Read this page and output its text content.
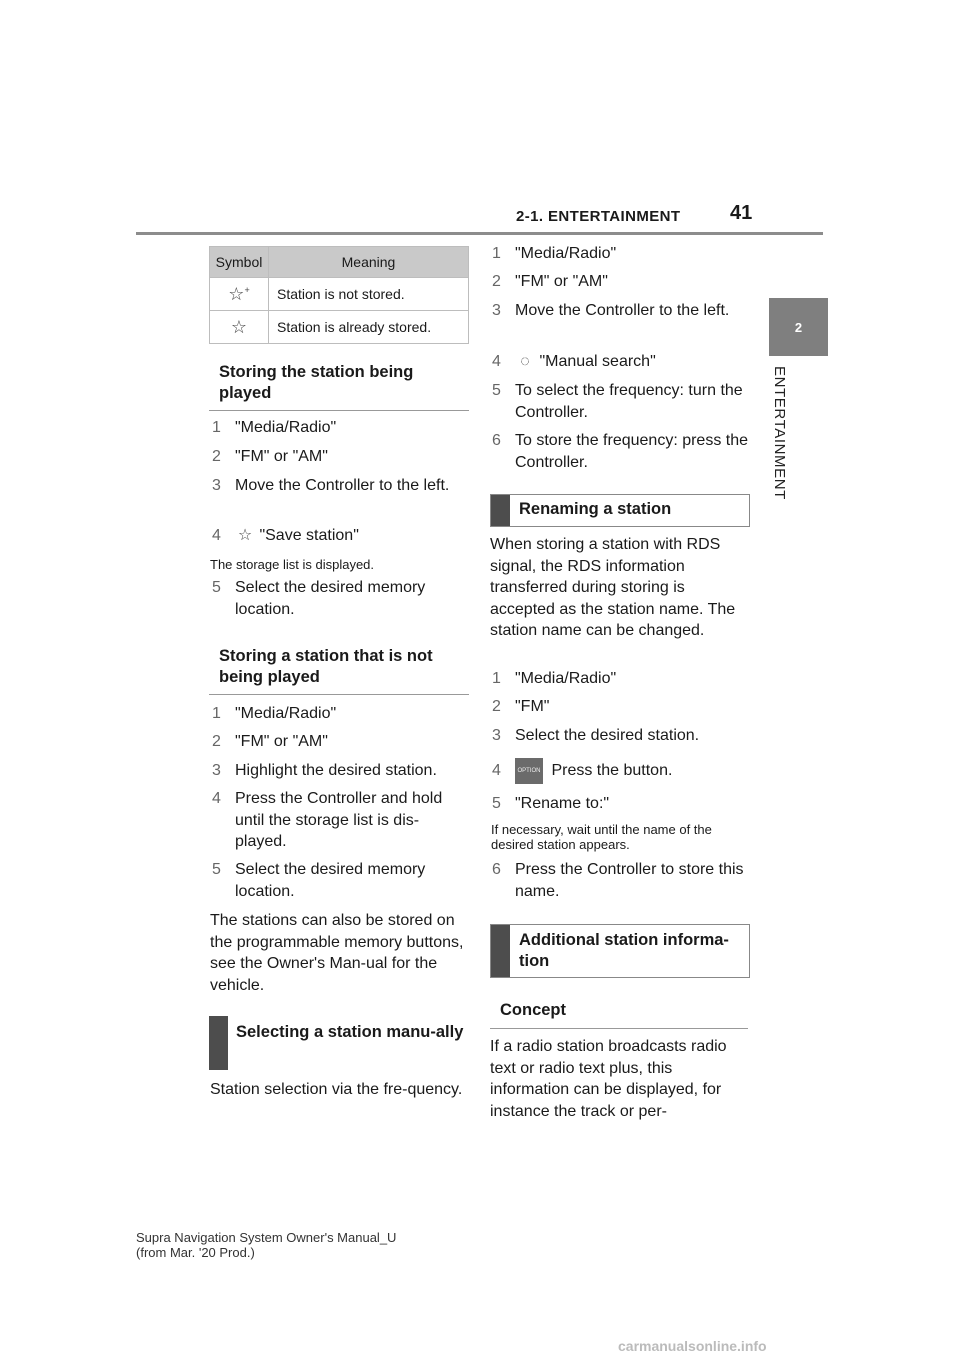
2-1. ENTERTAINMENT 41
2
ENTERTAINMENT
Symbol	Meaning
☆+	Station is not stored.
☆	Station is already stored.
Storing the station being played
1 "Media/Radio"
2 "FM" or "AM"
3 Move the Controller to the left.
4	☆ "Save station"
The storage list is displayed.
5 Select the desired memory location.
Storing a station that is not being played
1 "Media/Radio"
2 "FM" or "AM"
3 Highlight the desired station.
4 Press the Controller and hold until the storage list is dis-played.
5 Select the desired memory location.
The stations can also be stored on the programmable memory buttons, see the Owner's Man-ual for the vehicle.
Selecting a station manu-ally
Station selection via the fre-quency.
1 "Media/Radio"
2 "FM" or "AM"
3 Move the Controller to the left.
4	◌ "Manual search"
5 To select the frequency: turn the Controller.
6 To store the frequency: press the Controller.
Renaming a station
When storing a station with RDS signal, the RDS information transferred during storing is accepted as the station name. The station name can be changed.
1 "Media/Radio"
2 "FM"
3 Select the desired station.
4	OPTION Press the button.
5 "Rename to:"
If necessary, wait until the name of the desired station appears.
6 Press the Controller to store this name.
Additional station informa-tion
Concept
If a radio station broadcasts radio text or radio text plus, this information can be displayed, for instance the track or per-
Supra Navigation System Owner's Manual_U
(from Mar. '20 Prod.)
carmanualsonline.info
